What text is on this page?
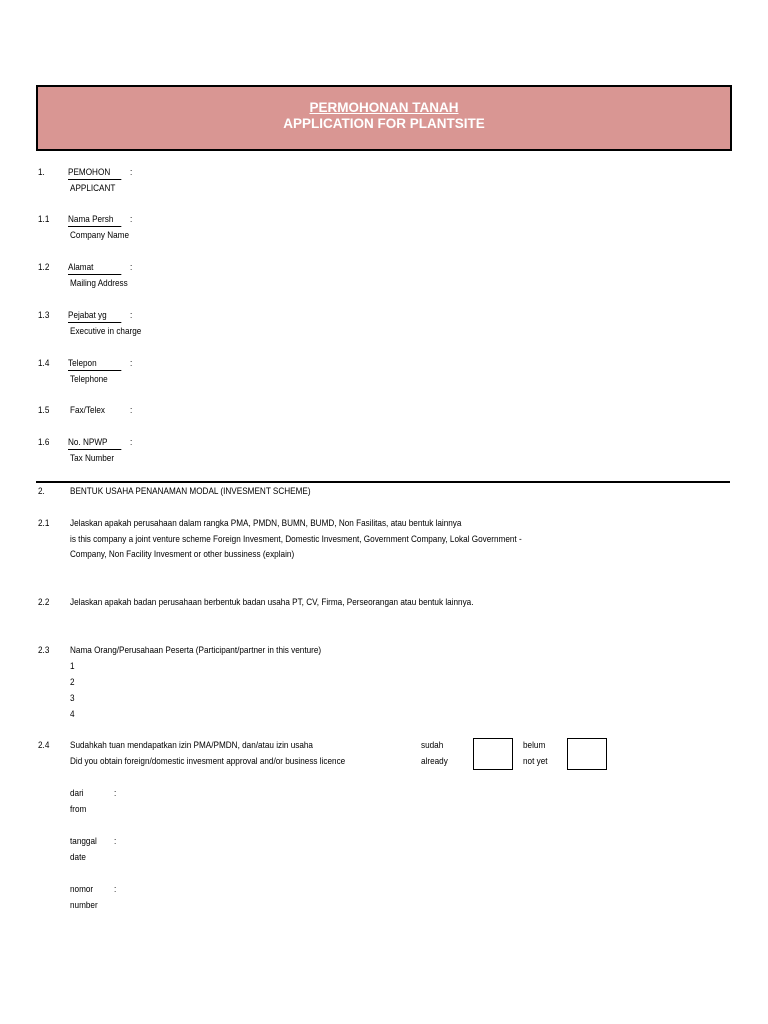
PERMOHONAN TANAH
APPLICATION FOR PLANTSITE
1. PEMOHON	:
APPLICANT
1.1 Nama Persh	:
Company Name
1.2 Alamat	:
Mailing Address
1.3 Pejabat yg	:
Executive in charge
1.4 Telepon	:
Telephone
1.5 Fax/Telex	:
1.6 No. NPWP	:
Tax Number
2.	BENTUK USAHA PENANAMAN MODAL (INVESMENT SCHEME)
2.1 Jelaskan apakah perusahaan dalam rangka PMA, PMDN, BUMN, BUMD, Non Fasilitas, atau bentuk lainnya
is this company a joint venture scheme Foreign Invesment, Domestic Invesment, Government Company, Lokal Government -
Company, Non Facility Invesment or other bussiness (explain)
2.2 Jelaskan apakah badan perusahaan berbentuk badan usaha PT, CV, Firma, Perseorangan atau bentuk lainnya.
2.3 Nama Orang/Perusahaan Peserta (Participant/partner in this venture)
1
2
3
4
2.4 Sudahkah tuan mendapatkan izin PMA/PMDN, dan/atau izin usaha
Did you obtain foreign/domestic invesment approval and/or business licence
sudah
already
belum
not yet
dari	:
from
tanggal :
date
nomor :
number
